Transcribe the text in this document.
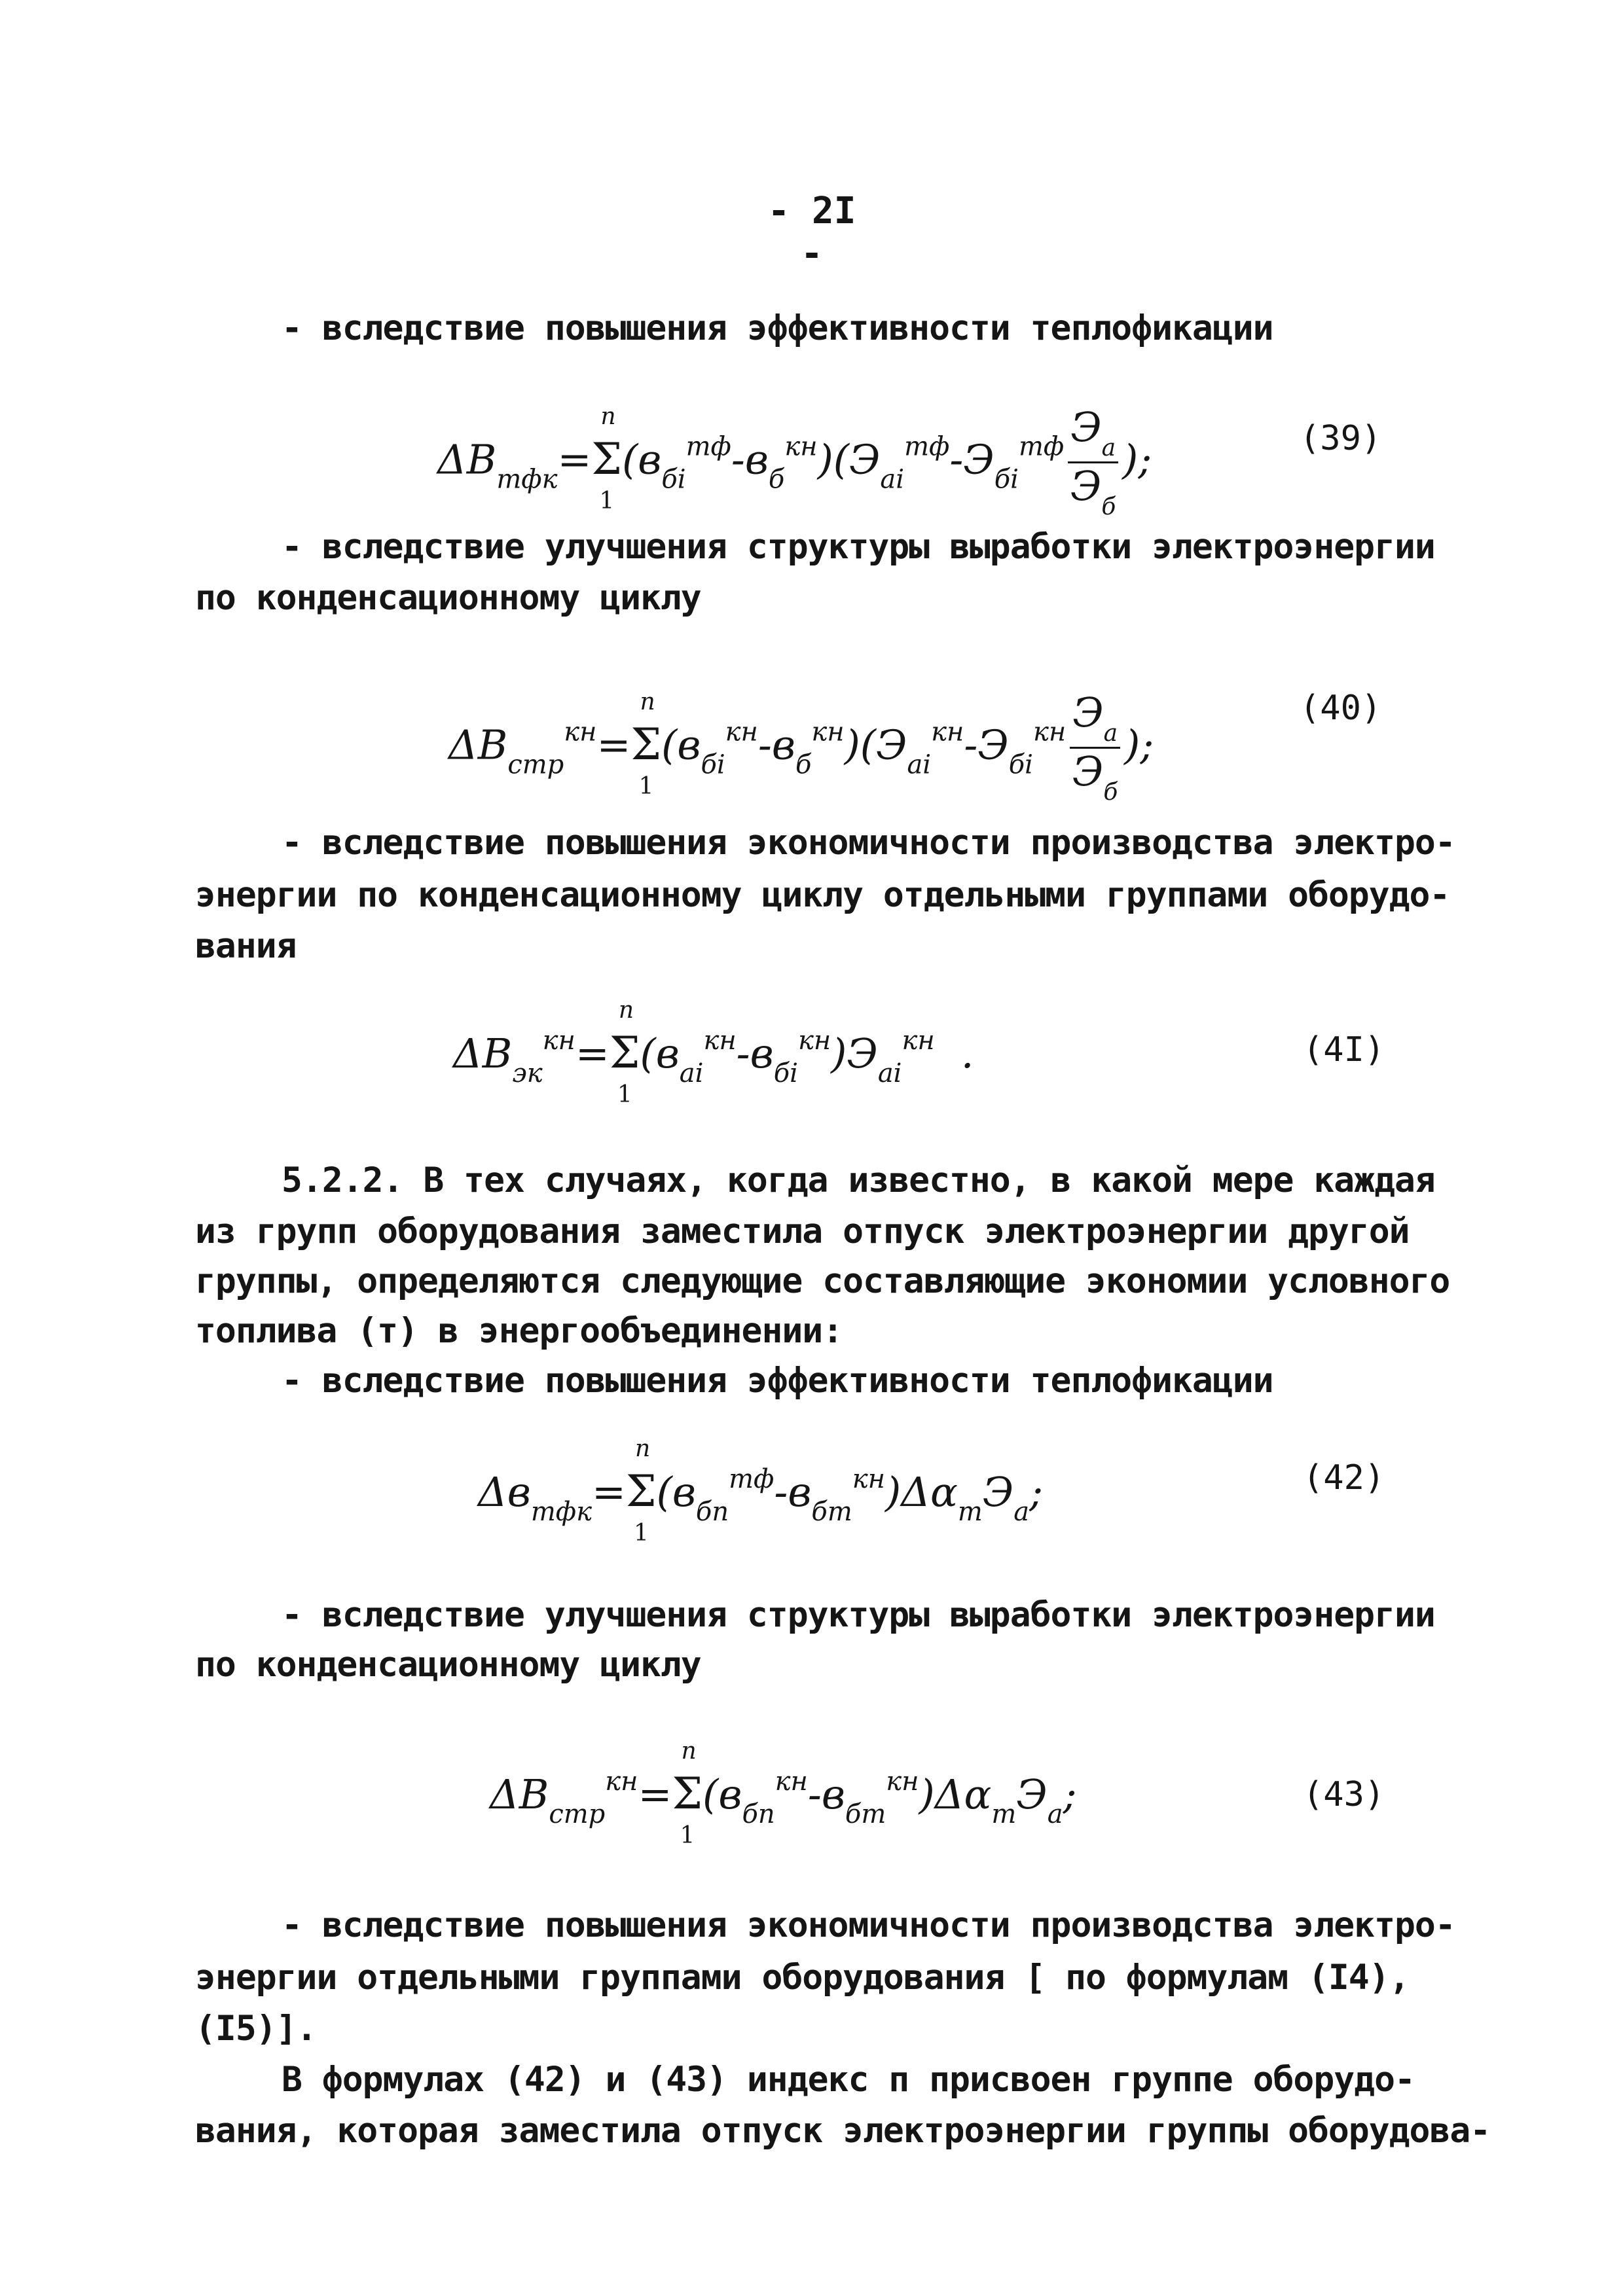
- 2I -
- вследствие повышения эффективности теплофикации
$\Delta B_{тфк}=\Sigma$
п
1
$(в_{бi}^{тф}-в_б^{кн})(Э_{ai}^{тф}-Э_{бi}^{тф} \frac{Э_а}{Э_б}$ );	(39)
- вследствие улучшения структуры выработки электроэнергии
по конденсационному циклу
$\Delta B_{стр}^{кн}=\Sigma$
п
1
$(в_{бi}^{кн}-в_б^{кн})(Э_{ai}^{кн}-Э_{бi}^{кн} \frac{Э_а}{Э_б}$ );
(40)
- вследствие повышения экономичности производства электро-
энергии по конденсационному циклу отдельными группами оборудо-
вания
$\Delta B_{эк}^{кн}=\Sigma$
п
1
$(в_{ai}^{кн}-в_{бi}^{кн})Э_{ai}^{кн}$ .	(4I)
5.2.2. В тех случаях, когда известно, в какой мере каждая
из групп оборудования заместила отпуск электроэнергии другой
группы, определяются следующие составляющие экономии условного
топлива (т) в энергообъединении:
- вследствие повышения эффективности теплофикации
$\Delta в_{тфк}=\Sigma$
п
1
$(в_{бп}^{тф}-в_{бm}^{кн})\Delta\alpha_mЭ_а$;	(42)
- вследствие улучшения структуры выработки электроэнергии
по конденсационному циклу
$\Delta B_{стр}^{кн}=\Sigma$
п
1
$(в_{бп}^{кн}-в_{бm}^{кн})\Delta\alpha_mЭ_а$;	(43)
- вследствие повышения экономичности производства электро-
энергии отдельными группами оборудования [ по формулам (I4),
(I5)].
В формулах (42) и (43) индекс п присвоен группе оборудо-
вания, которая заместила отпуск электроэнергии группы оборудова-
